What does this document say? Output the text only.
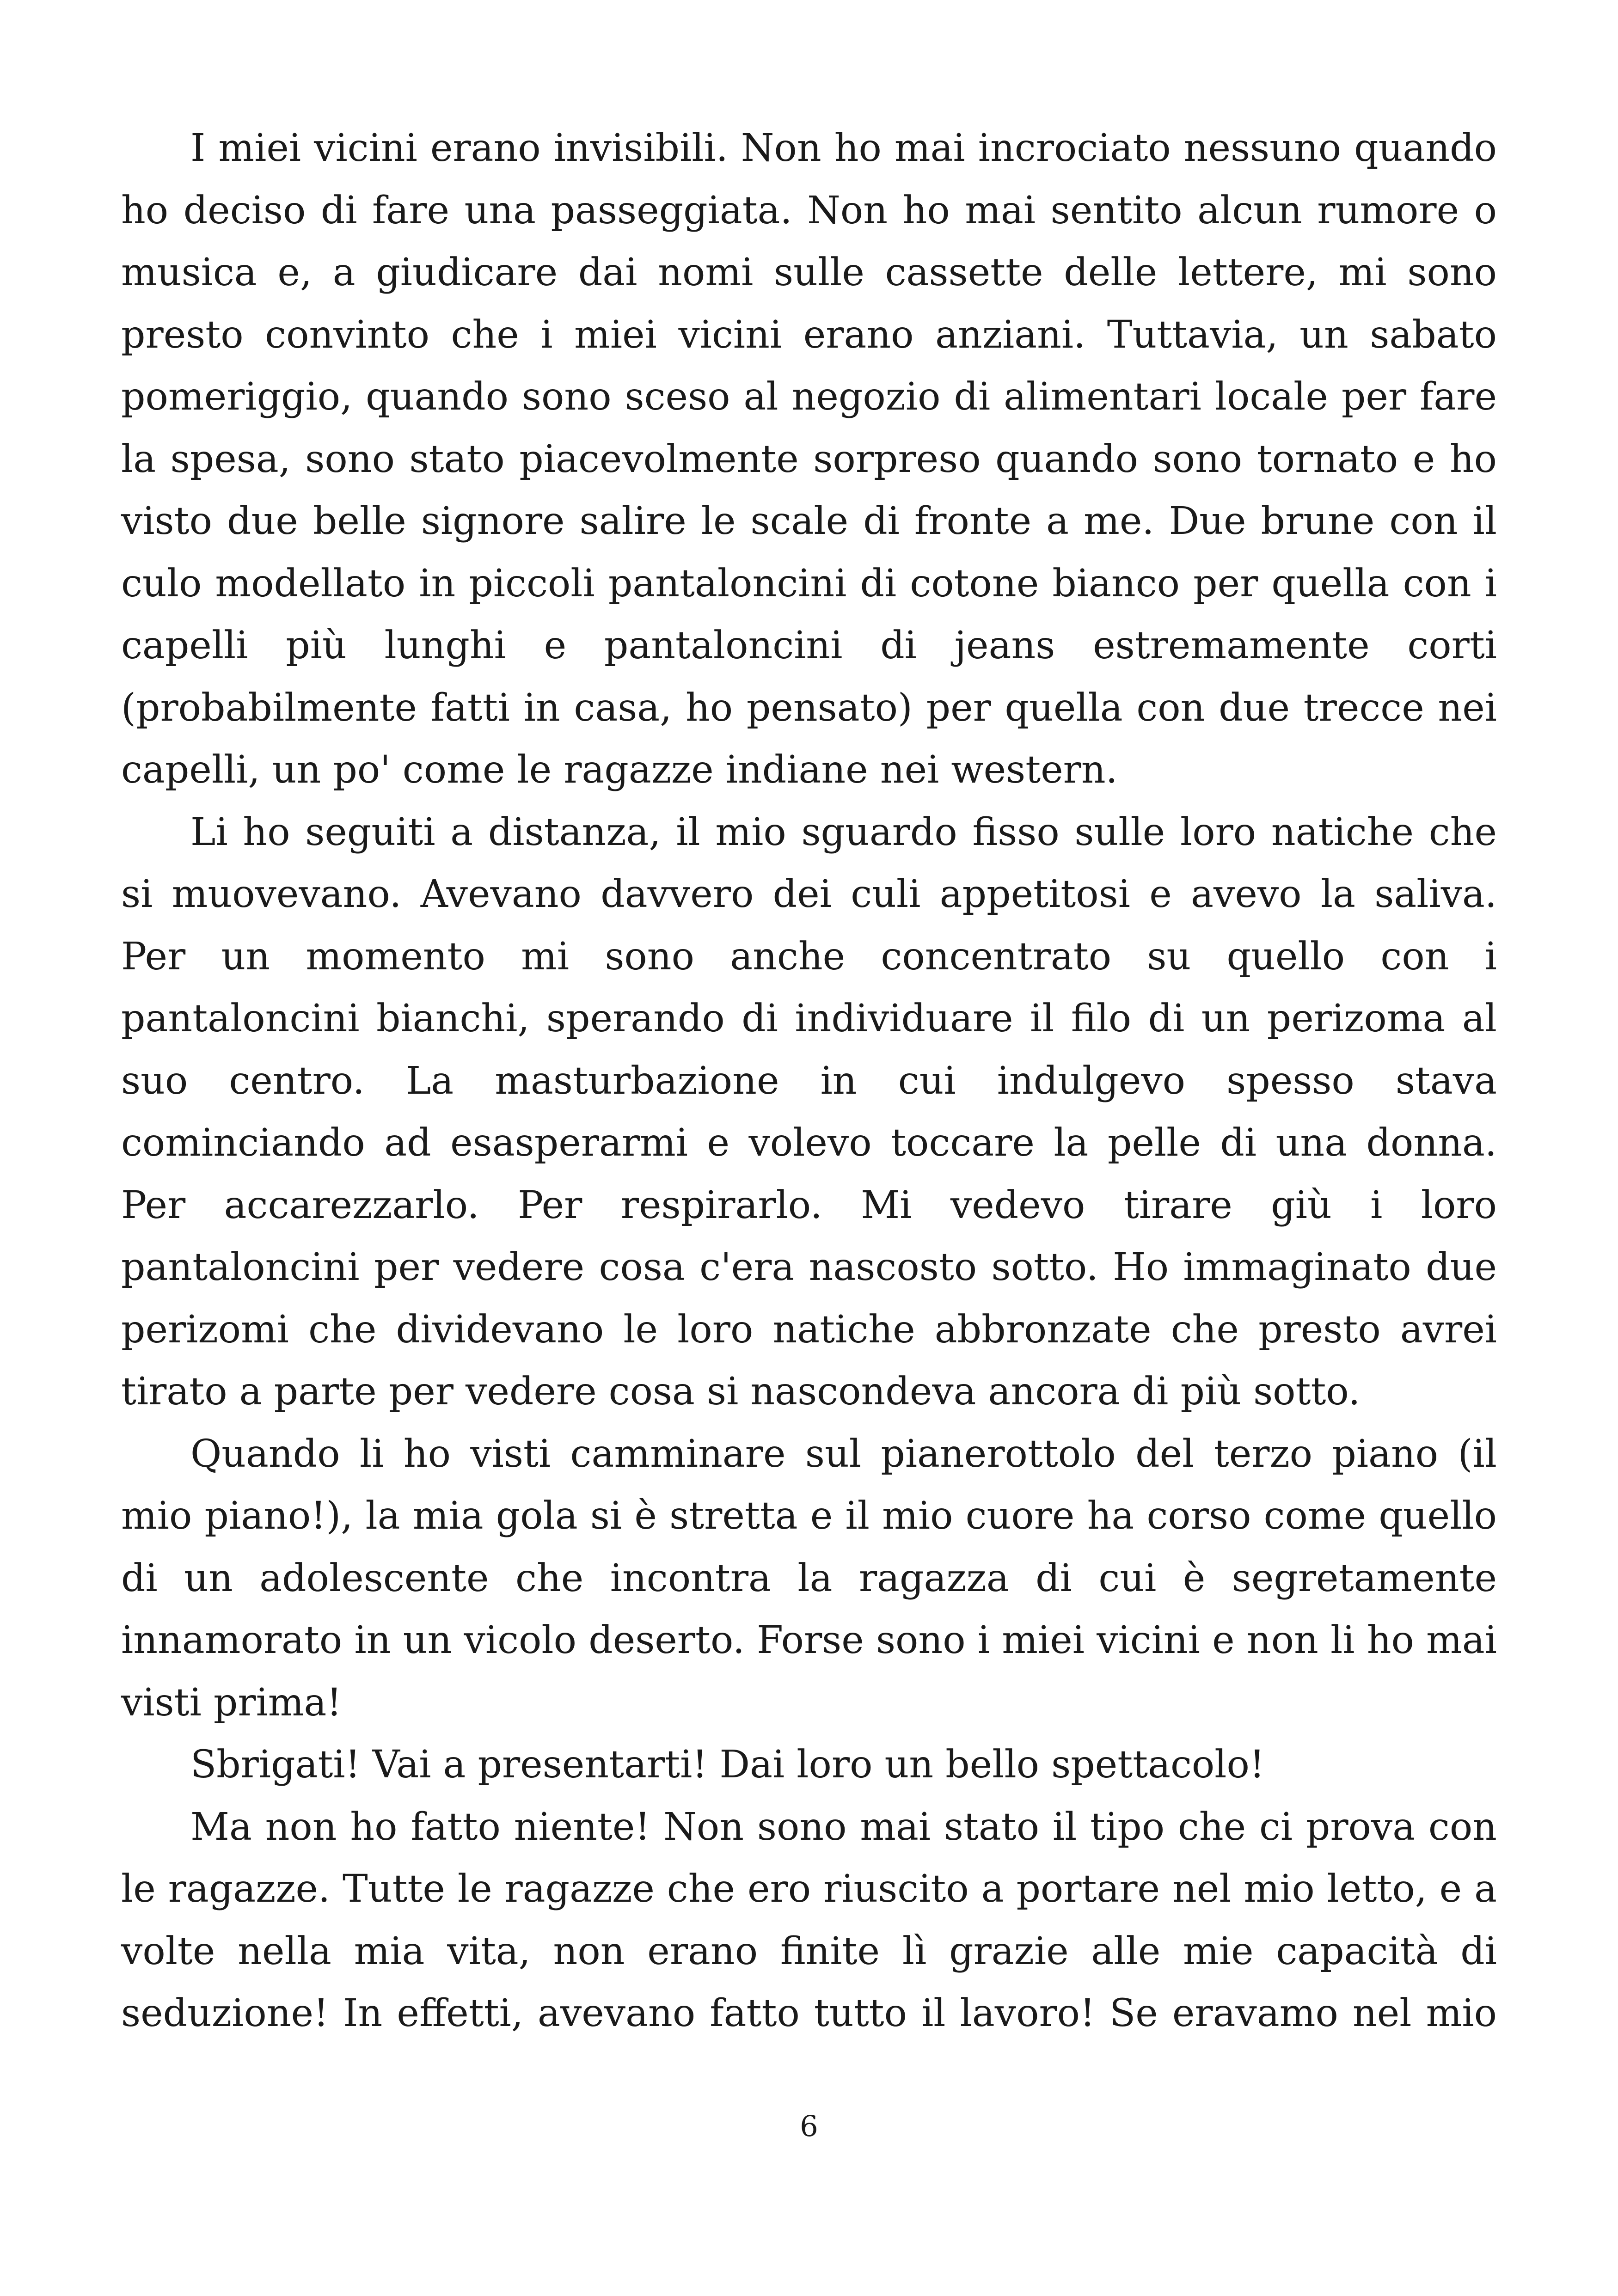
I miei vicini erano invisibili. Non ho mai incrociato nessuno quando ho deciso di fare una passeggiata. Non ho mai sentito alcun rumore o musica e, a giudicare dai nomi sulle cassette delle lettere, mi sono presto convinto che i miei vicini erano anziani. Tuttavia, un sabato pomeriggio, quando sono sceso al negozio di alimentari locale per fare la spesa, sono stato piacevolmente sorpreso quando sono tornato e ho visto due belle signore salire le scale di fronte a me. Due brune con il culo modellato in piccoli pantaloncini di cotone bianco per quella con i capelli più lunghi e pantaloncini di jeans estremamente corti (probabilmente fatti in casa, ho pensato) per quella con due trecce nei capelli, un po' come le ragazze indiane nei western.

Li ho seguiti a distanza, il mio sguardo fisso sulle loro natiche che si muovevano. Avevano davvero dei culi appetitosi e avevo la saliva. Per un momento mi sono anche concentrato su quello con i pantaloncini bianchi, sperando di individuare il filo di un perizoma al suo centro. La masturbazione in cui indulgevo spesso stava cominciando ad esasperarmi e volevo toccare la pelle di una donna. Per accarezzarlo. Per respirarlo. Mi vedevo tirare giù i loro pantaloncini per vedere cosa c'era nascosto sotto. Ho immaginato due perizomi che dividevano le loro natiche abbronzate che presto avrei tirato a parte per vedere cosa si nascondeva ancora di più sotto.

Quando li ho visti camminare sul pianerottolo del terzo piano (il mio piano!), la mia gola si è stretta e il mio cuore ha corso come quello di un adolescente che incontra la ragazza di cui è segretamente innamorato in un vicolo deserto. Forse sono i miei vicini e non li ho mai visti prima!

Sbrigati! Vai a presentarti! Dai loro un bello spettacolo!

Ma non ho fatto niente! Non sono mai stato il tipo che ci prova con le ragazze. Tutte le ragazze che ero riuscito a portare nel mio letto, e a volte nella mia vita, non erano finite lì grazie alle mie capacità di seduzione! In effetti, avevano fatto tutto il lavoro! Se eravamo nel mio

6
